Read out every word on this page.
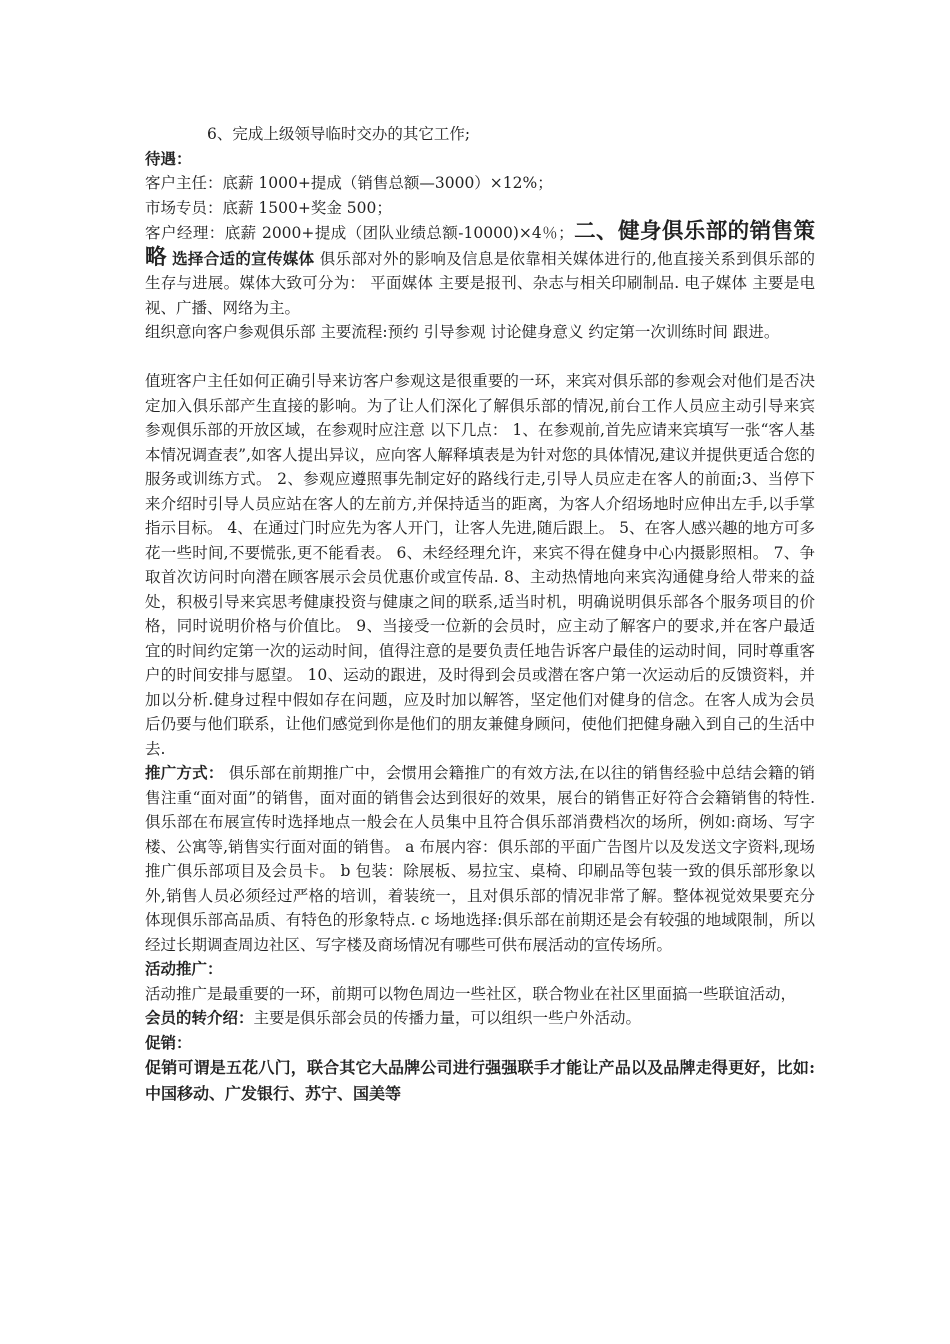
6、完成上级领导临时交办的其它工作;

待遇：

客户主任：底薪 1000+提成（销售总额—3000）×12%；

市场专员：底薪 1500+奖金 500；

客户经理：底薪 2000+提成（团队业绩总额-10000)×4％；二、健身俱乐部的销售策略 选择合适的宣传媒体 俱乐部对外的影响及信息是依靠相关媒体进行的,他直接关系到俱乐部的生存与进展。媒体大致可分为： 平面媒体 主要是报刊、杂志与相关印刷制品. 电子媒体 主要是电视、广播、网络为主。

组织意向客户参观俱乐部 主要流程:预约 引导参观 讨论健身意义 约定第一次训练时间 跟进。

值班客户主任如何正确引导来访客户参观这是很重要的一环，来宾对俱乐部的参观会对他们是否决定加入俱乐部产生直接的影响。为了让人们深化了解俱乐部的情况,前台工作人员应主动引导来宾参观俱乐部的开放区域，在参观时应注意 以下几点： 1、在参观前,首先应请来宾填写一张“客人基本情况调查表”,如客人提出异议，应向客人解释填表是为针对您的具体情况,建议并提供更适合您的服务或训练方式。 2、参观应遵照事先制定好的路线行走,引导人员应走在客人的前面;3、当停下来介绍时引导人员应站在客人的左前方,并保持适当的距离，为客人介绍场地时应伸出左手,以手掌指示目标。 4、在通过门时应先为客人开门，让客人先进,随后跟上。 5、在客人感兴趣的地方可多花一些时间,不要慌张,更不能看表。 6、未经经理允许，来宾不得在健身中心内摄影照相。 7、争取首次访问时向潜在顾客展示会员优惠价或宣传品. 8、主动热情地向来宾沟通健身给人带来的益处，积极引导来宾思考健康投资与健康之间的联系,适当时机，明确说明俱乐部各个服务项目的价格，同时说明价格与价值比。 9、当接受一位新的会员时，应主动了解客户的要求,并在客户最适宜的时间约定第一次的运动时间，值得注意的是要负责任地告诉客户最佳的运动时间，同时尊重客户的时间安排与愿望。 10、运动的跟进，及时得到会员或潜在客户第一次运动后的反馈资料，并加以分析.健身过程中假如存在问题，应及时加以解答，坚定他们对健身的信念。在客人成为会员后仍要与他们联系，让他们感觉到你是他们的朋友兼健身顾问，使他们把健身融入到自己的生活中去.

推广方式： 俱乐部在前期推广中，会惯用会籍推广的有效方法,在以往的销售经验中总结会籍的销售注重“面对面”的销售，面对面的销售会达到很好的效果，展台的销售正好符合会籍销售的特性.俱乐部在布展宣传时选择地点一般会在人员集中且符合俱乐部消费档次的场所，例如:商场、写字楼、公寓等,销售实行面对面的销售。 a 布展内容：俱乐部的平面广告图片以及发送文字资料,现场推广俱乐部项目及会员卡。 b 包装：除展板、易拉宝、桌椅、印刷品等包装一致的俱乐部形象以外,销售人员必须经过严格的培训，着装统一，且对俱乐部的情况非常了解。整体视觉效果要充分体现俱乐部高品质、有特色的形象特点. c 场地选择:俱乐部在前期还是会有较强的地域限制，所以经过长期调查周边社区、写字楼及商场情况有哪些可供布展活动的宣传场所。

活动推广：

活动推广是最重要的一环，前期可以物色周边一些社区，联合物业在社区里面搞一些联谊活动，

会员的转介绍：主要是俱乐部会员的传播力量，可以组织一些户外活动。

促销：

促销可谓是五花八门，联合其它大品牌公司进行强强联手才能让产品以及品牌走得更好，比如:中国移动、广发银行、苏宁、国美等
